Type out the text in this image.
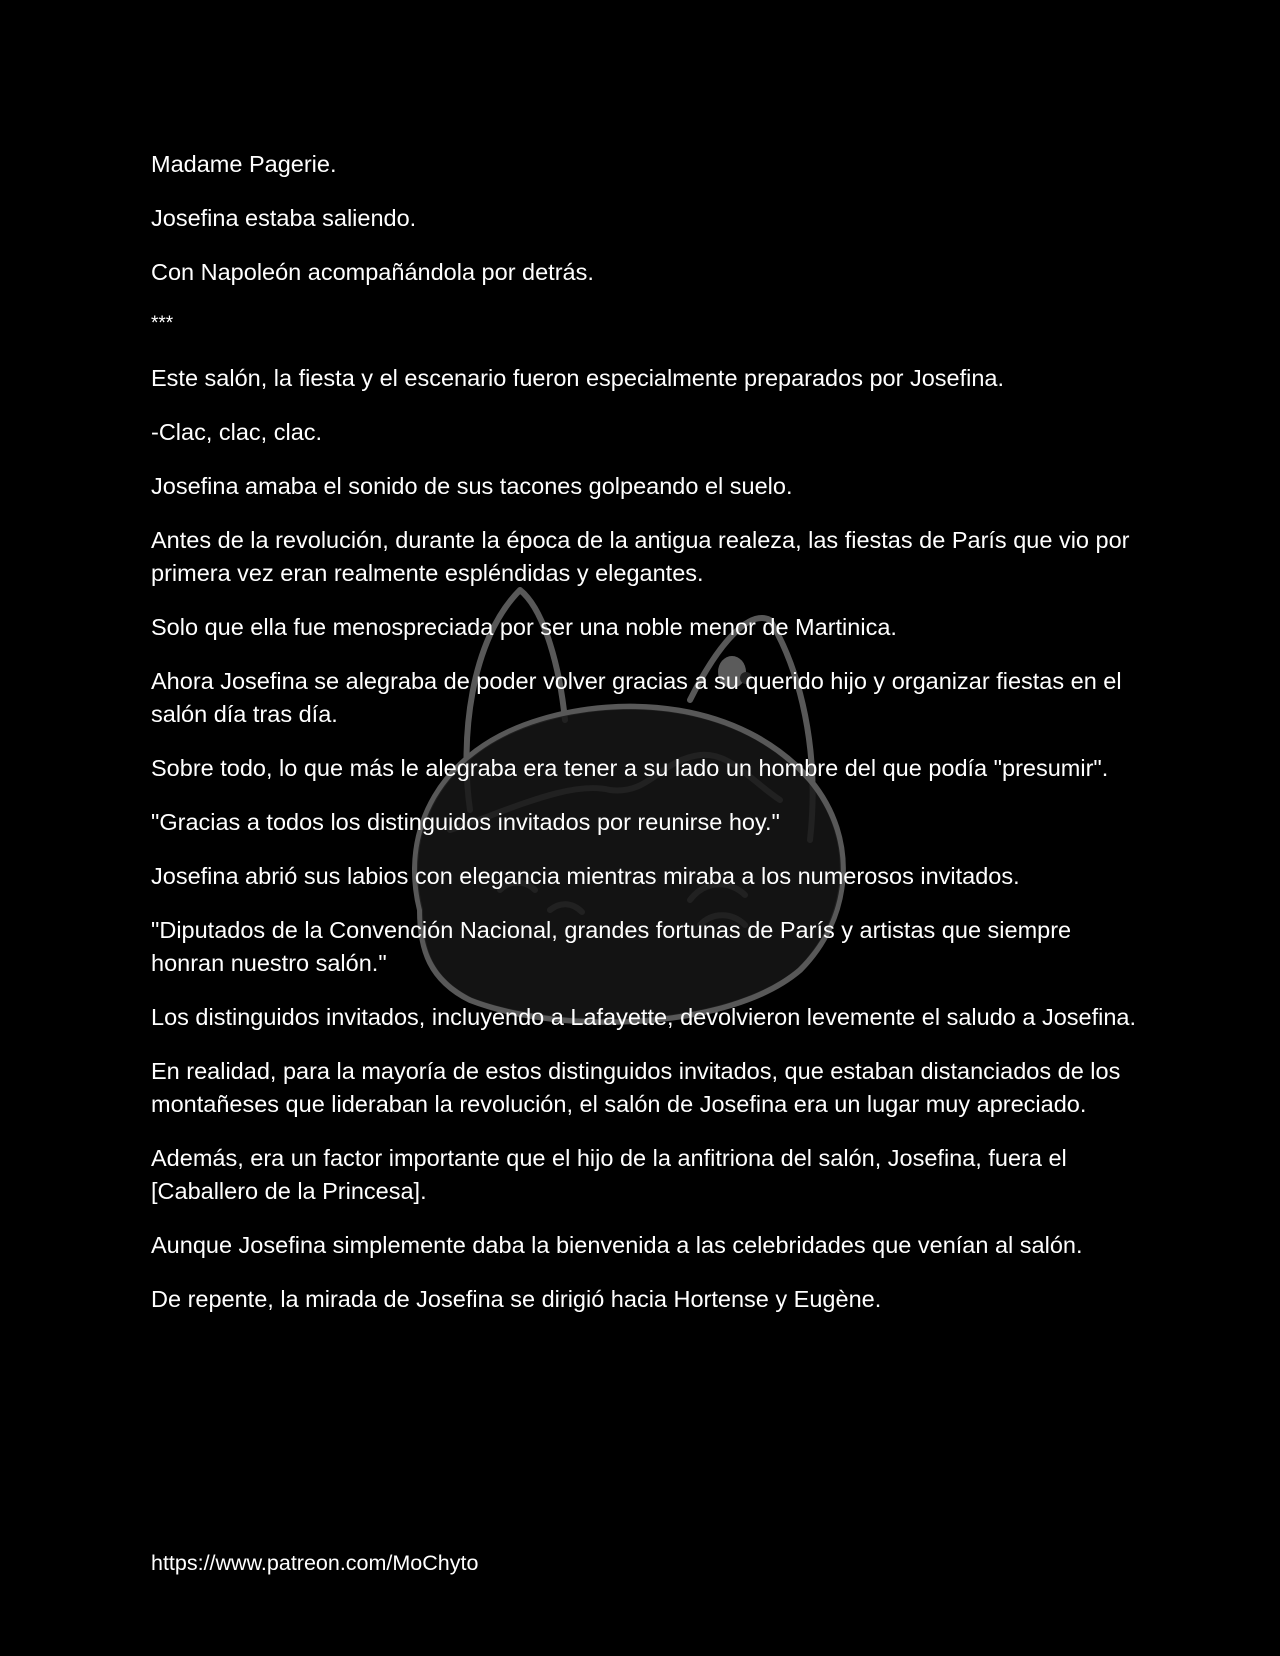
Madame Pagerie.

Josefina estaba saliendo.

Con Napoleón acompañándola por detrás.

***

Este salón, la fiesta y el escenario fueron especialmente preparados por Josefina.

-Clac, clac, clac.

Josefina amaba el sonido de sus tacones golpeando el suelo.

Antes de la revolución, durante la época de la antigua realeza, las fiestas de París que vio por primera vez eran realmente espléndidas y elegantes.

Solo que ella fue menospreciada por ser una noble menor de Martinica.

Ahora Josefina se alegraba de poder volver gracias a su querido hijo y organizar fiestas en el salón día tras día.

Sobre todo, lo que más le alegraba era tener a su lado un hombre del que podía "presumir".

"Gracias a todos los distinguidos invitados por reunirse hoy."

Josefina abrió sus labios con elegancia mientras miraba a los numerosos invitados.

"Diputados de la Convención Nacional, grandes fortunas de París y artistas que siempre honran nuestro salón."

Los distinguidos invitados, incluyendo a Lafayette, devolvieron levemente el saludo a Josefina.

En realidad, para la mayoría de estos distinguidos invitados, que estaban distanciados de los montañeses que lideraban la revolución, el salón de Josefina era un lugar muy apreciado.

Además, era un factor importante que el hijo de la anfitriona del salón, Josefina, fuera el [Caballero de la Princesa].

Aunque Josefina simplemente daba la bienvenida a las celebridades que venían al salón.

De repente, la mirada de Josefina se dirigió hacia Hortense y Eugène.

https://www.patreon.com/MoChyto
